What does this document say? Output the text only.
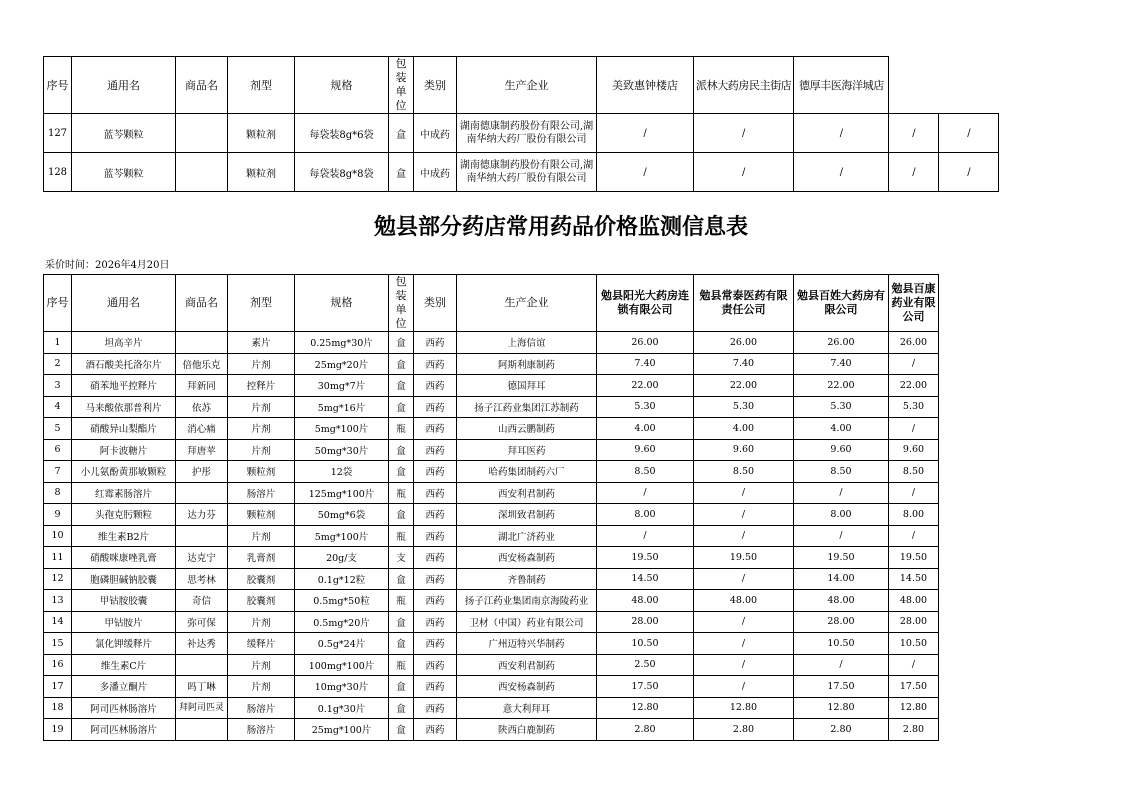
序号	通用名	商品名	剂型	规格	包装单位	类别	生产企业	美致惠钟楼店	派林大药房民主街店	德厚丰医海洋城店		
127	蓝芩颗粒		颗粒剂	每袋装8g*6袋	盒	中成药	湖南德康制药股份有限公司,湖南华纳大药厂股份有限公司	/	/	/	/	/
128	蓝芩颗粒		颗粒剂	每袋装8g*8袋	盒	中成药	湖南德康制药股份有限公司,湖南华纳大药厂股份有限公司	/	/	/	/	/
勉县部分药店常用药品价格监测信息表
采价时间：2026年4月20日
序号	通用名	商品名	剂型	规格	包装单位	类别	生产企业	勉县阳光大药房连锁有限公司	勉县常泰医药有限责任公司	勉县百姓大药房有限公司	勉县百康药业有限公司
1	坦高辛片		素片	0.25mg*30片	盒	西药	上海信谊	26.00	26.00	26.00	26.00
2	酒石酸美托洛尔片	倍他乐克	片剂	25mg*20片	盒	西药	阿斯利康制药	7.40	7.40	7.40	/
3	硝苯地平控释片	拜新同	控释片	30mg*7片	盒	西药	德国拜耳	22.00	22.00	22.00	22.00
4	马来酸依那普利片	依苏	片剂	5mg*16片	盒	西药	扬子江药业集团江苏制药	5.30	5.30	5.30	5.30
5	硝酸异山梨酯片	消心痛	片剂	5mg*100片	瓶	西药	山西云鹏制药	4.00	4.00	4.00	/
6	阿卡波糖片	拜唐苹	片剂	50mg*30片	盒	西药	拜耳医药	9.60	9.60	9.60	9.60
7	小儿氨酚黄那敏颗粒	护彤	颗粒剂	12袋	盒	西药	哈药集团制药六厂	8.50	8.50	8.50	8.50
8	红霉素肠溶片		肠溶片	125mg*100片	瓶	西药	西安利君制药	/	/	/	/
9	头孢克肟颗粒	达力芬	颗粒剂	50mg*6袋	盒	西药	深圳致君制药	8.00	/	8.00	8.00
10	维生素B2片		片剂	5mg*100片	瓶	西药	湖北广济药业	/	/	/	/
11	硝酸咪康唑乳膏	达克宁	乳膏剂	20g/支	支	西药	西安杨森制药	19.50	19.50	19.50	19.50
12	胞磷胆碱钠胶囊	思考林	胶囊剂	0.1g*12粒	盒	西药	齐鲁制药	14.50	/	14.00	14.50
13	甲钴胺胶囊	奇信	胶囊剂	0.5mg*50粒	瓶	西药	扬子江药业集团南京海陵药业	48.00	48.00	48.00	48.00
14	甲钴胺片	弥可保	片剂	0.5mg*20片	盒	西药	卫材（中国）药业有限公司	28.00	/	28.00	28.00
15	氯化钾缓释片	补达秀	缓释片	0.5g*24片	盒	西药	广州迈特兴华制药	10.50	/	10.50	10.50
16	维生素C片		片剂	100mg*100片	瓶	西药	西安利君制药	2.50	/	/	/
17	多潘立酮片	吗丁啉	片剂	10mg*30片	盒	西药	西安杨森制药	17.50	/	17.50	17.50
18	阿司匹林肠溶片	拜阿司匹灵	肠溶片	0.1g*30片	盒	西药	意大利拜耳	12.80	12.80	12.80	12.80
19	阿司匹林肠溶片		肠溶片	25mg*100片	盒	西药	陕西白鹿制药	2.80	2.80	2.80	2.80
